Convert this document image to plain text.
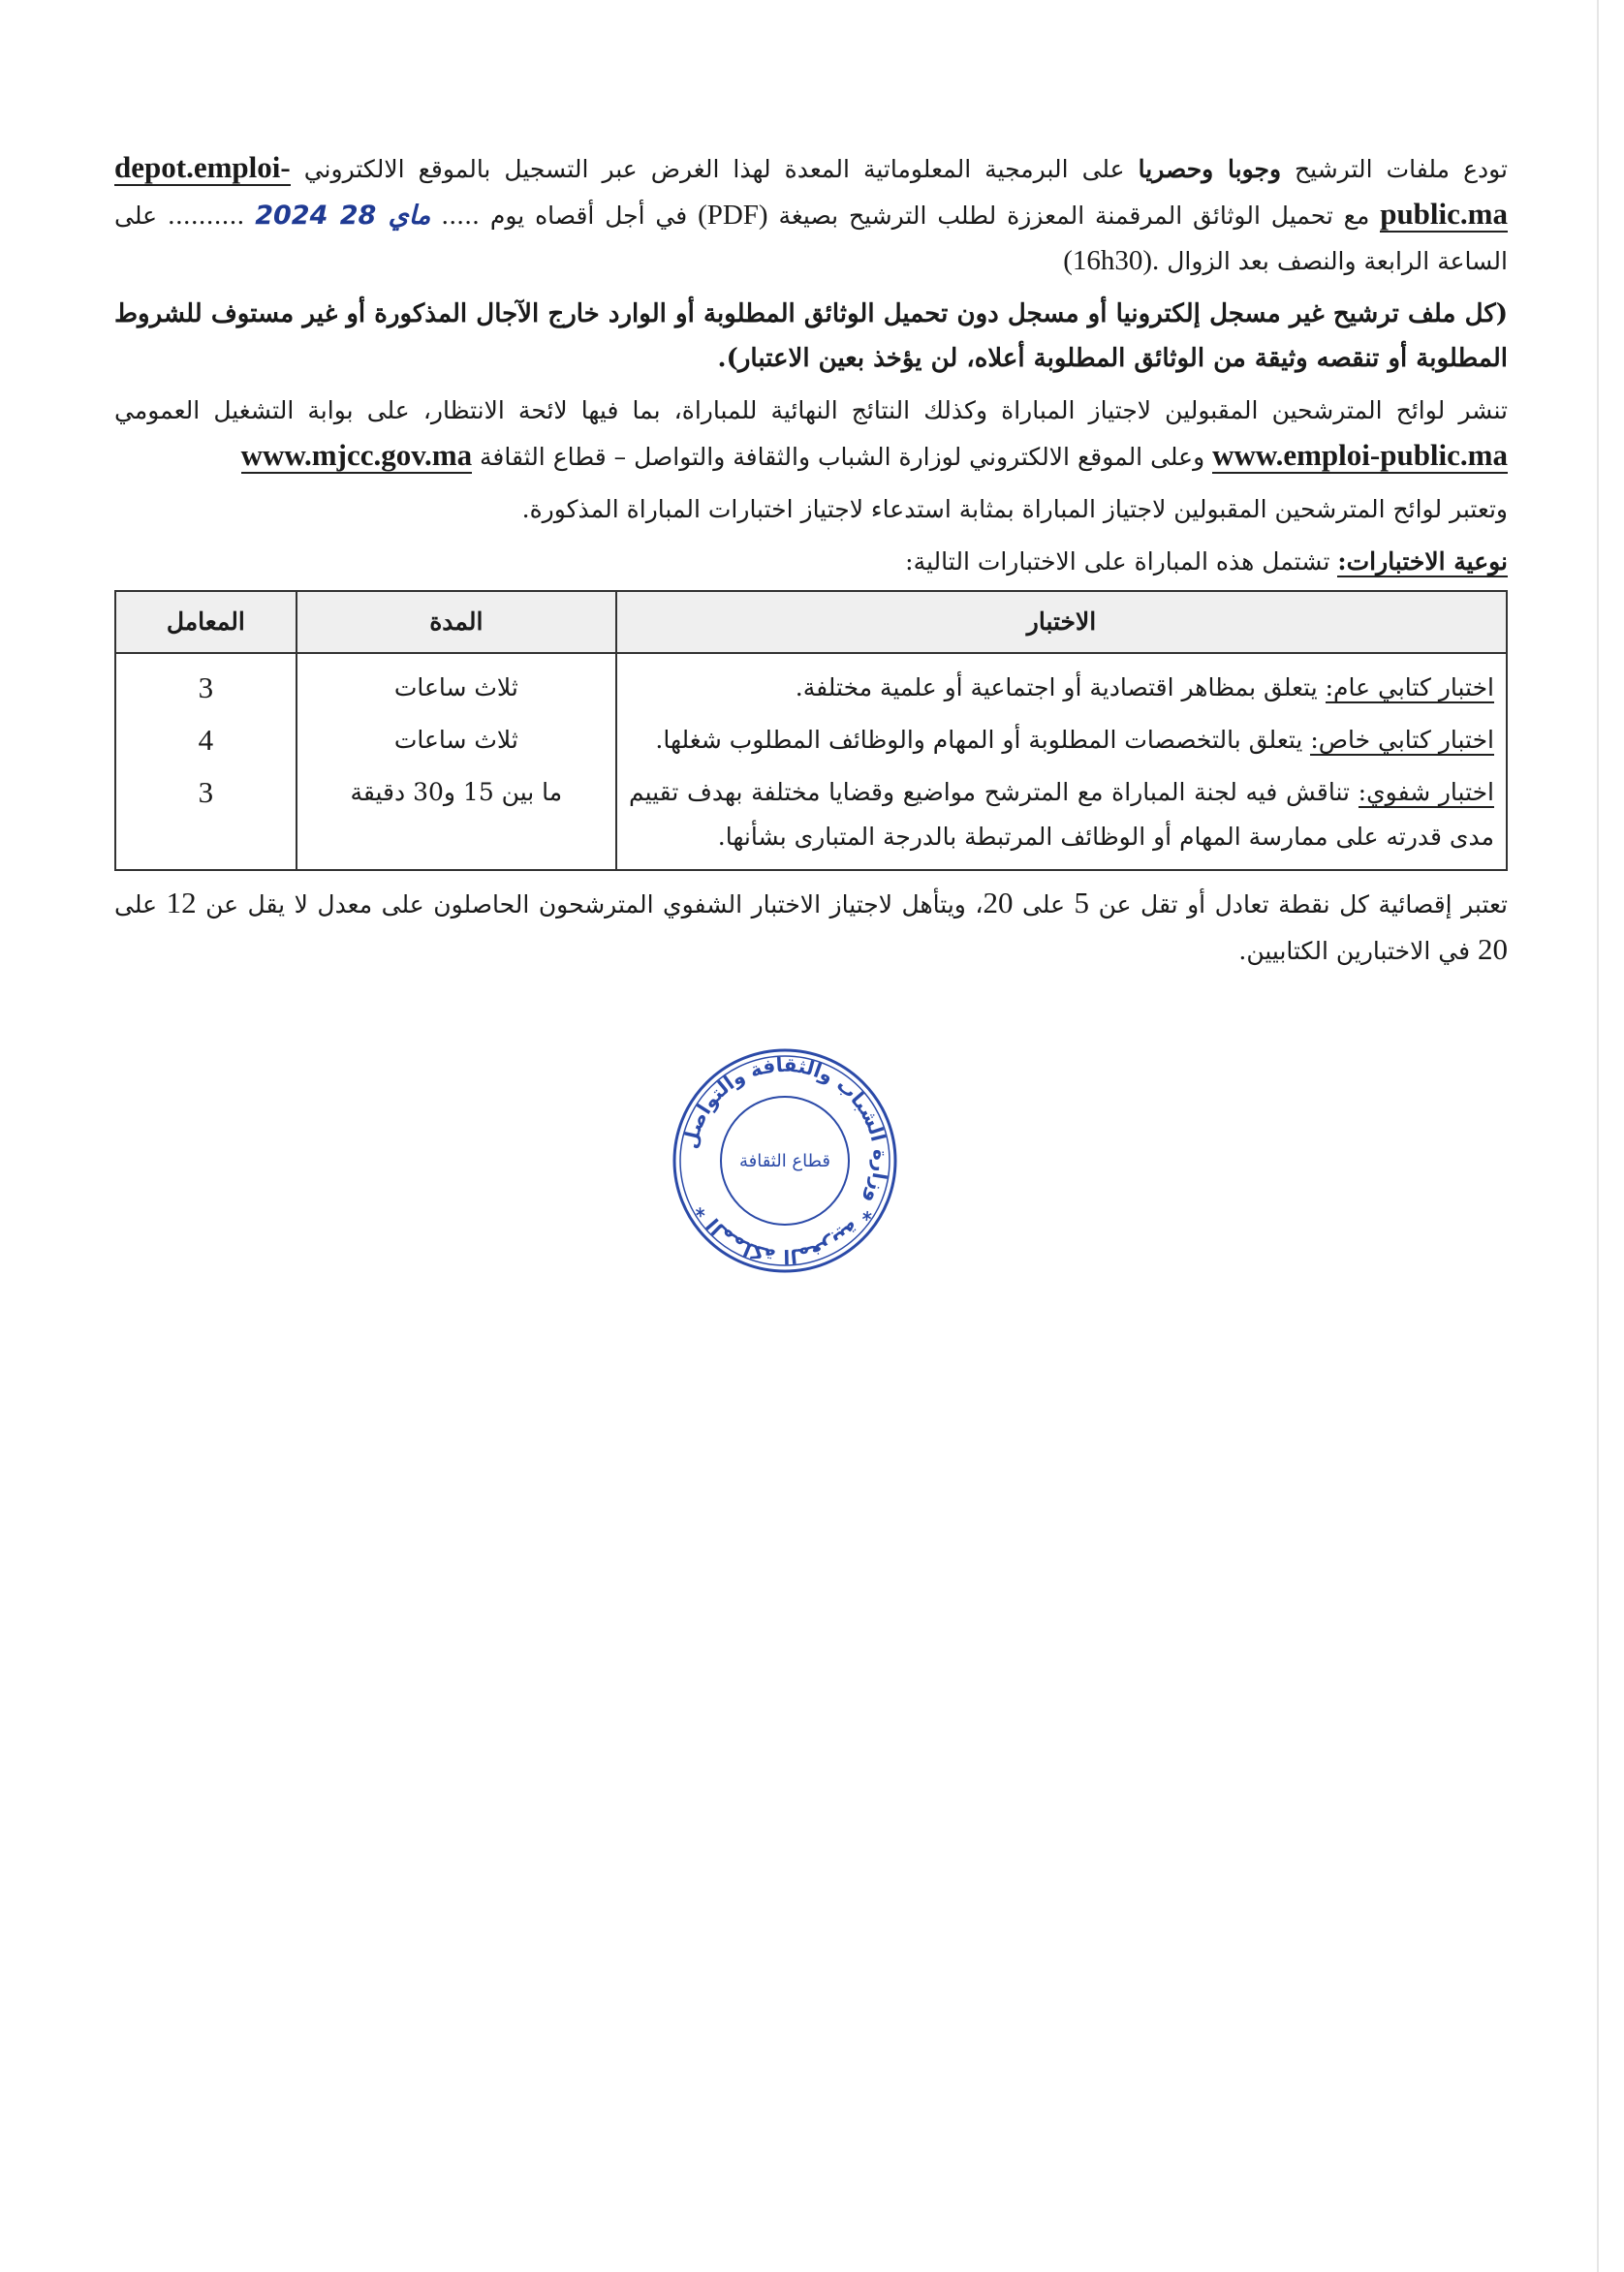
تودع ملفات الترشيح وجوبا وحصريا على البرمجية المعلوماتية المعدة لهذا الغرض عبر التسجيل بالموقع الالكتروني depot.emploi-public.ma مع تحميل الوثائق المرقمنة المعززة لطلب الترشيح بصيغة (PDF) في أجل أقصاه يوم ..... 2024 ماي 28 .......... على الساعة الرابعة والنصف بعد الزوال (16h30).

(كل ملف ترشيح غير مسجل إلكترونيا أو مسجل دون تحميل الوثائق المطلوبة أو الوارد خارج الآجال المذكورة أو غير مستوف للشروط المطلوبة أو تنقصه وثيقة من الوثائق المطلوبة أعلاه، لن يؤخذ بعين الاعتبار).

تنشر لوائح المترشحين المقبولين لاجتياز المباراة وكذلك النتائج النهائية للمباراة، بما فيها لائحة الانتظار، على بوابة التشغيل العمومي www.emploi-public.ma وعلى الموقع الالكتروني لوزارة الشباب والثقافة والتواصل – قطاع الثقافة www.mjcc.gov.ma

وتعتبر لوائح المترشحين المقبولين لاجتياز المباراة بمثابة استدعاء لاجتياز اختبارات المباراة المذكورة.

نوعية الاختبارات: تشتمل هذه المباراة على الاختبارات التالية:

الاختبار	المدة	المعامل
اختبار كتابي عام: يتعلق بمظاهر اقتصادية أو اجتماعية أو علمية مختلفة.	ثلاث ساعات	3
اختبار كتابي خاص: يتعلق بالتخصصات المطلوبة أو المهام والوظائف المطلوب شغلها.	ثلاث ساعات	4
اختبار شفوي: تناقش فيه لجنة المباراة مع المترشح مواضيع وقضايا مختلفة بهدف تقييم مدى قدرته على ممارسة المهام أو الوظائف المرتبطة بالدرجة المتبارى بشأنها.	ما بين 15 و30 دقيقة	3

تعتبر إقصائية كل نقطة تعادل أو تقل عن 5 على 20، ويتأهل لاجتياز الاختبار الشفوي المترشحون الحاصلون على معدل لا يقل عن 12 على 20 في الاختبارين الكتابيين.

المملكة المغربية * وزارة الشباب والثقافة والتواصل *
قطاع الثقافة
